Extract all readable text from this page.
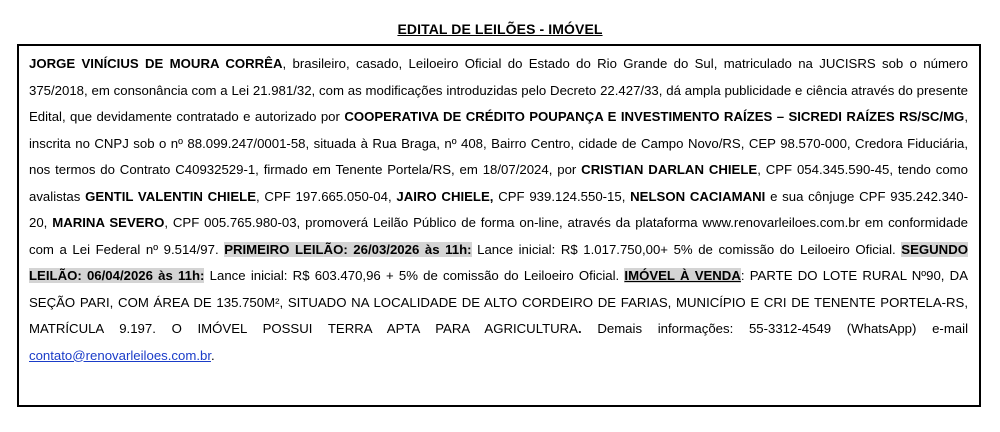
EDITAL DE LEILÕES - IMÓVEL
JORGE VINÍCIUS DE MOURA CORRÊA, brasileiro, casado, Leiloeiro Oficial do Estado do Rio Grande do Sul, matriculado na JUCISRS sob o número 375/2018, em consonância com a Lei 21.981/32, com as modificações introduzidas pelo Decreto 22.427/33, dá ampla publicidade e ciência através do presente Edital, que devidamente contratado e autorizado por COOPERATIVA DE CRÉDITO POUPANÇA E INVESTIMENTO RAÍZES – SICREDI RAÍZES RS/SC/MG, inscrita no CNPJ sob o nº 88.099.247/0001-58, situada à Rua Braga, nº 408, Bairro Centro, cidade de Campo Novo/RS, CEP 98.570-000, Credora Fiduciária, nos termos do Contrato C40932529-1, firmado em Tenente Portela/RS, em 18/07/2024, por CRISTIAN DARLAN CHIELE, CPF 054.345.590-45, tendo como avalistas GENTIL VALENTIN CHIELE, CPF 197.665.050-04, JAIRO CHIELE, CPF 939.124.550-15, NELSON CACIAMANI e sua cônjuge CPF 935.242.340-20, MARINA SEVERO, CPF 005.765.980-03, promoverá Leilão Público de forma on-line, através da plataforma www.renovarleiloes.com.br em conformidade com a Lei Federal nº 9.514/97. PRIMEIRO LEILÃO: 26/03/2026 às 11h: Lance inicial: R$ 1.017.750,00+ 5% de comissão do Leiloeiro Oficial. SEGUNDO LEILÃO: 06/04/2026 às 11h: Lance inicial: R$ 603.470,96 + 5% de comissão do Leiloeiro Oficial. IMÓVEL À VENDA: PARTE DO LOTE RURAL Nº90, DA SEÇÃO PARI, COM ÁREA DE 135.750M², SITUADO NA LOCALIDADE DE ALTO CORDEIRO DE FARIAS, MUNICÍPIO E CRI DE TENENTE PORTELA-RS, MATRÍCULA 9.197. O IMÓVEL POSSUI TERRA APTA PARA AGRICULTURA. Demais informações: 55-3312-4549 (WhatsApp) e-mail contato@renovarleiloes.com.br.
